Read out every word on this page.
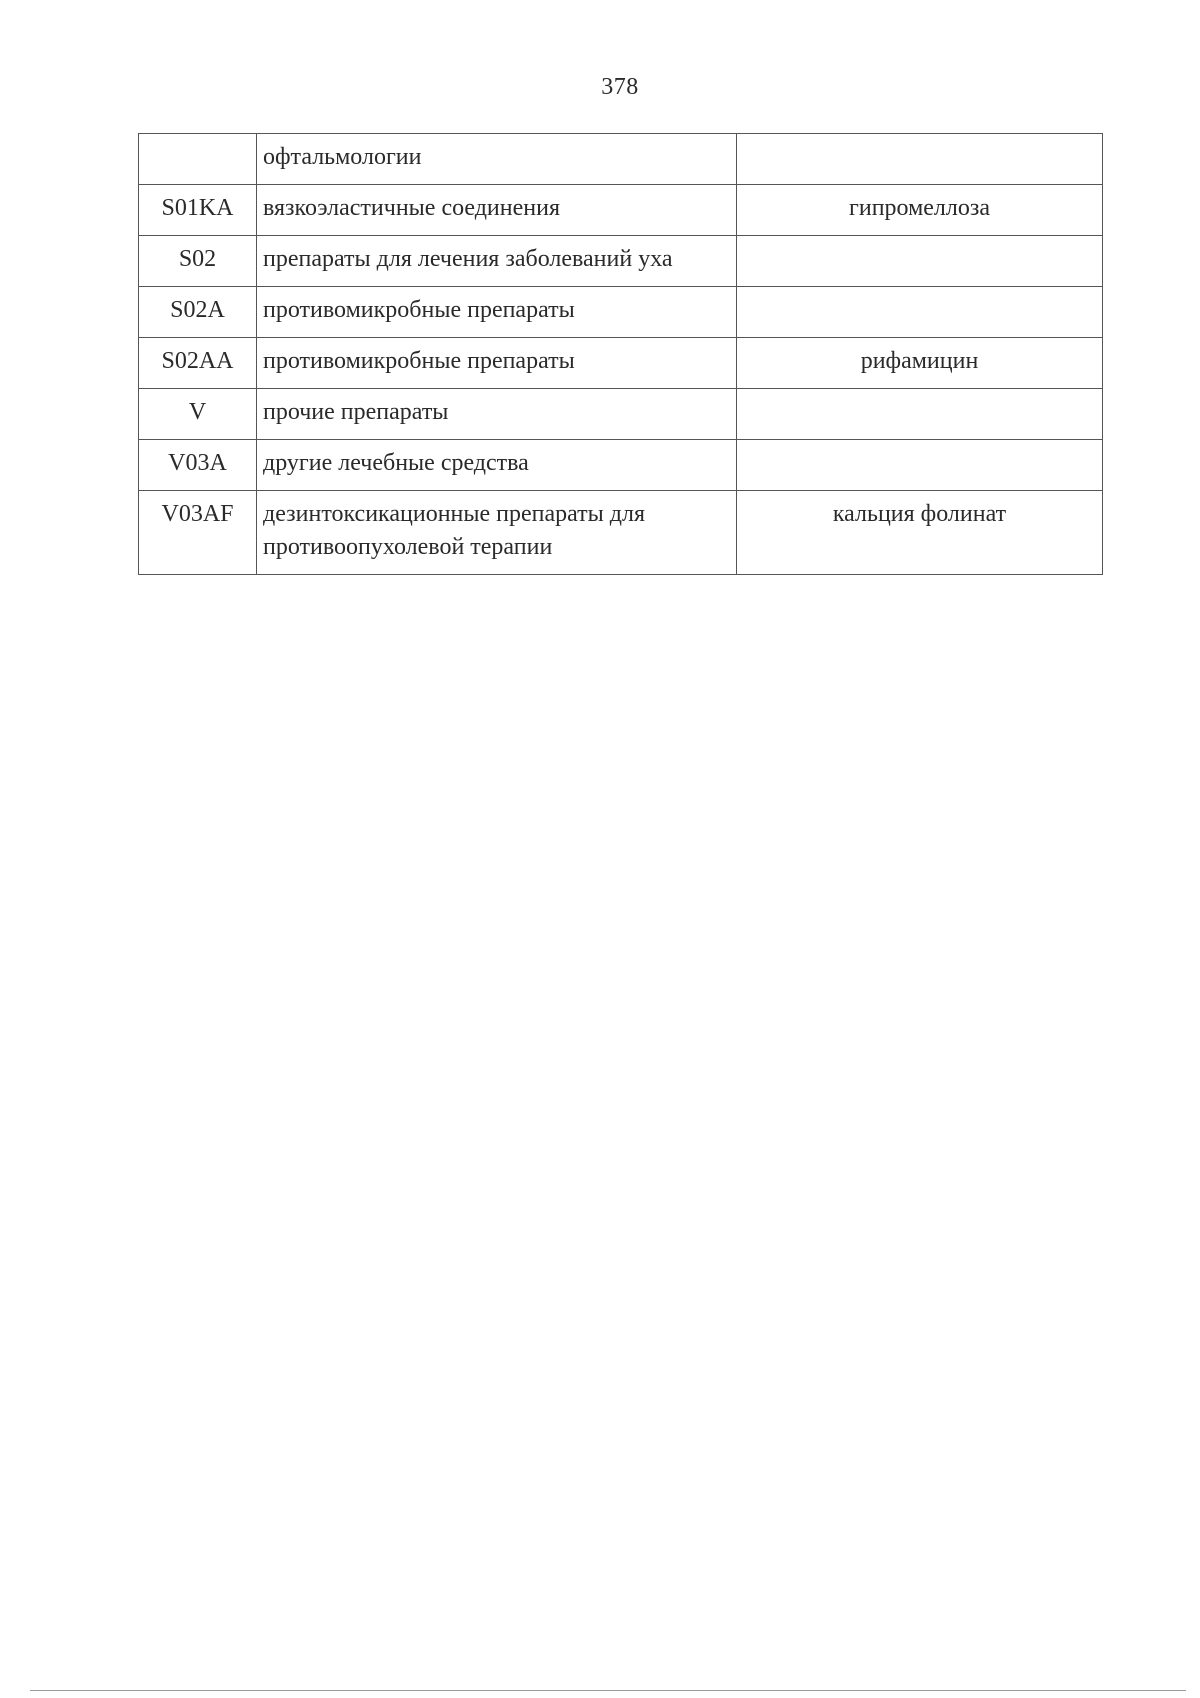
378
	офтальмологии	
S01KA	вязкоэластичные соединения	гипромеллоза
S02	препараты для лечения заболеваний уха	
S02A	противомикробные препараты	
S02AA	противомикробные препараты	рифамицин
V	прочие препараты	
V03A	другие лечебные средства	
V03AF	дезинтоксикационные препараты для противоопухолевой терапии	кальция фолинат
